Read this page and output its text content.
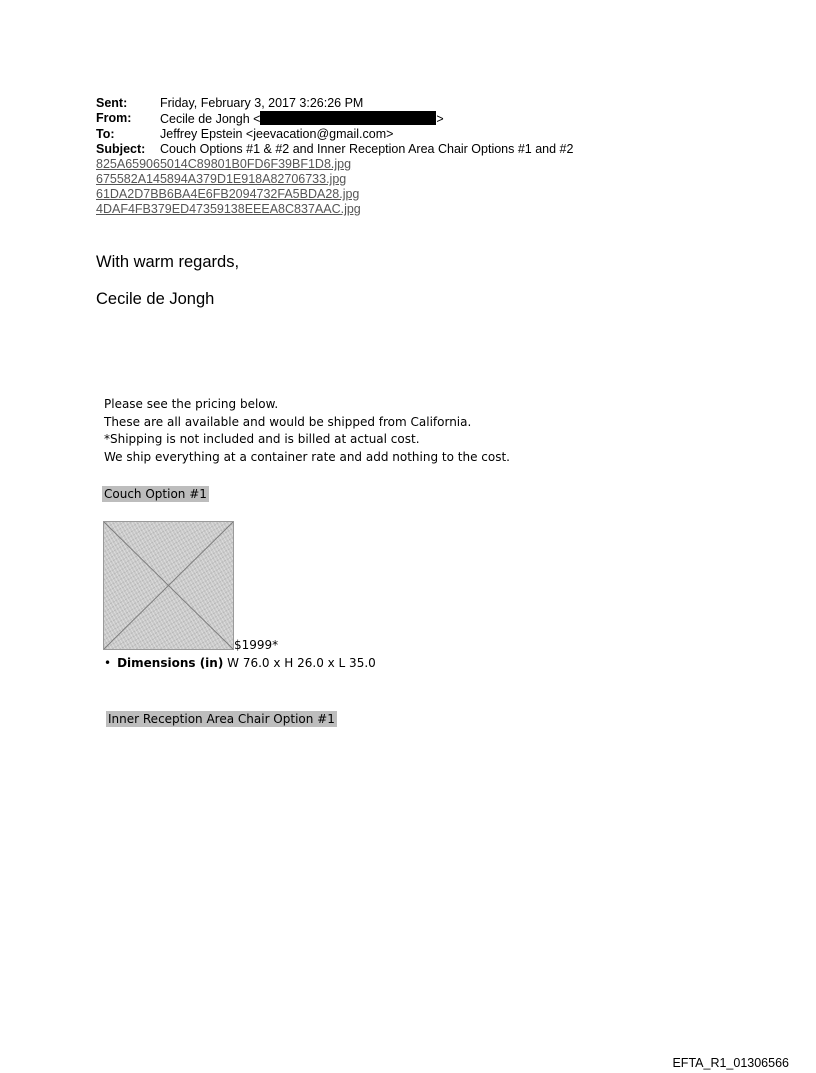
Sent:	Friday, February 3, 2017 3:26:26 PM
From:	Cecile de Jongh <	>
To:	Jeffrey Epstein <jeevacation@gmail.com>
Subject:	Couch Options #1 & #2 and Inner Reception Area Chair Options #1 and #2
825A659065014C89801B0FD6F39BF1D8.jpg
675582A145894A379D1E918A82706733.jpg
61DA2D7BB6BA4E6FB2094732FA5BDA28.jpg
4DAF4FB379ED47359138EEEA8C837AAC.jpg
With warm regards,
Cecile de Jongh
Please see the pricing below.
These are all available and would be shipped from California.
*Shipping is not included and is billed at actual cost.
We ship everything at a container rate and add nothing to the cost.
Couch Option #1
$1999*
• Dimensions (in) W 76.0 x H 26.0 x L 35.0
Inner Reception Area Chair Option #1
EFTA_R1_01306566
